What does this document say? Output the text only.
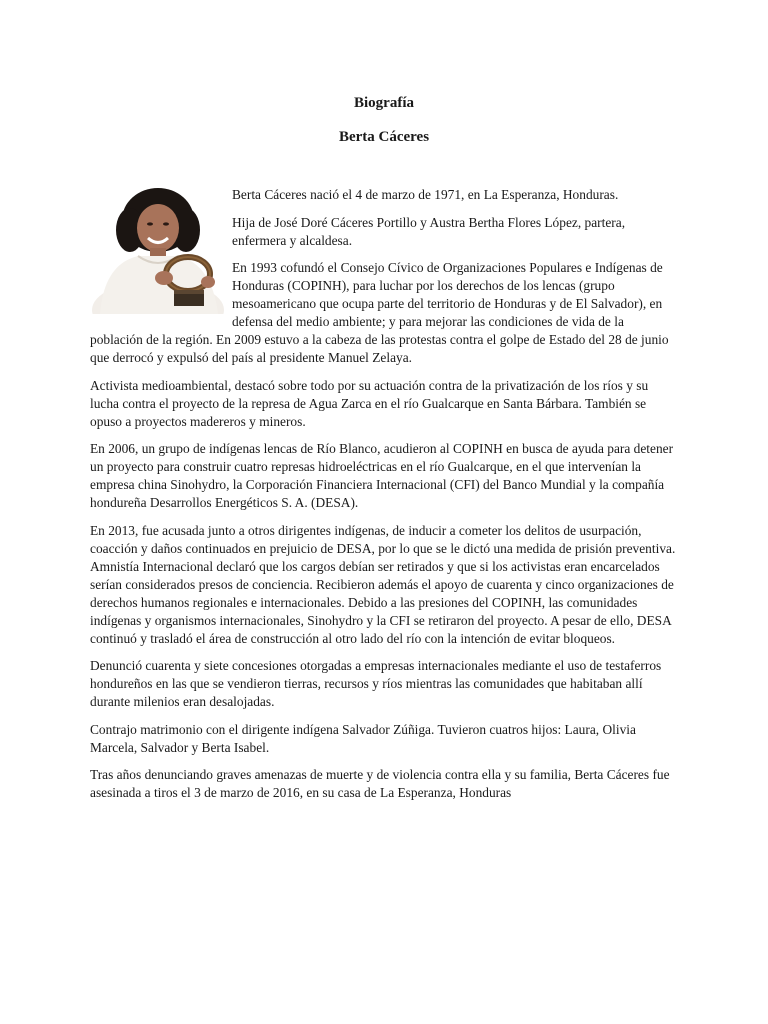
Biografía
Berta Cáceres

Berta Cáceres nació el 4 de marzo de 1971, en La Esperanza, Honduras.

Hija de José Doré Cáceres Portillo y Austra Bertha Flores López, partera, enfermera y alcaldesa.

En 1993 cofundó el Consejo Cívico de Organizaciones Populares e Indígenas de Honduras (COPINH), para luchar por los derechos de los lencas (grupo mesoamericano que ocupa parte del territorio de Honduras y de El Salvador), en defensa del medio ambiente; y para mejorar las condiciones de vida de la población de la región. En 2009 estuvo a la cabeza de las protestas contra el golpe de Estado del 28 de junio que derrocó y expulsó del país al presidente Manuel Zelaya.

Activista medioambiental, destacó sobre todo por su actuación contra de la privatización de los ríos y su lucha contra el proyecto de la represa de Agua Zarca en el río Gualcarque en Santa Bárbara. También se opuso a proyectos madereros y mineros.

En 2006, un grupo de indígenas lencas de Río Blanco, acudieron al COPINH en busca de ayuda para detener un proyecto para construir cuatro represas hidroeléctricas en el río Gualcarque, en el que intervenían la empresa china Sinohydro, la Corporación Financiera Internacional (CFI) del Banco Mundial y la compañía hondureña Desarrollos Energéticos S. A. (DESA).

En 2013, fue acusada junto a otros dirigentes indígenas, de inducir a cometer los delitos de usurpación, coacción y daños continuados en prejuicio de DESA, por lo que se le dictó una medida de prisión preventiva. Amnistía Internacional declaró que los cargos debían ser retirados y que si los activistas eran encarcelados serían considerados presos de conciencia. Recibieron además el apoyo de cuarenta y cinco organizaciones de derechos humanos regionales e internacionales. Debido a las presiones del COPINH, las comunidades indígenas y organismos internacionales, Sinohydro y la CFI se retiraron del proyecto. A pesar de ello, DESA continuó y trasladó el área de construcción al otro lado del río con la intención de evitar bloqueos.

Denunció cuarenta y siete concesiones otorgadas a empresas internacionales mediante el uso de testaferros hondureños en las que se vendieron tierras, recursos y ríos mientras las comunidades que habitaban allí durante milenios eran desalojadas.

Contrajo matrimonio con el dirigente indígena Salvador Zúñiga. Tuvieron cuatros hijos: Laura, Olivia Marcela, Salvador y Berta Isabel.

Tras años denunciando graves amenazas de muerte y de violencia contra ella y su familia, Berta Cáceres fue asesinada a tiros el 3 de marzo de 2016, en su casa de La Esperanza, Honduras
